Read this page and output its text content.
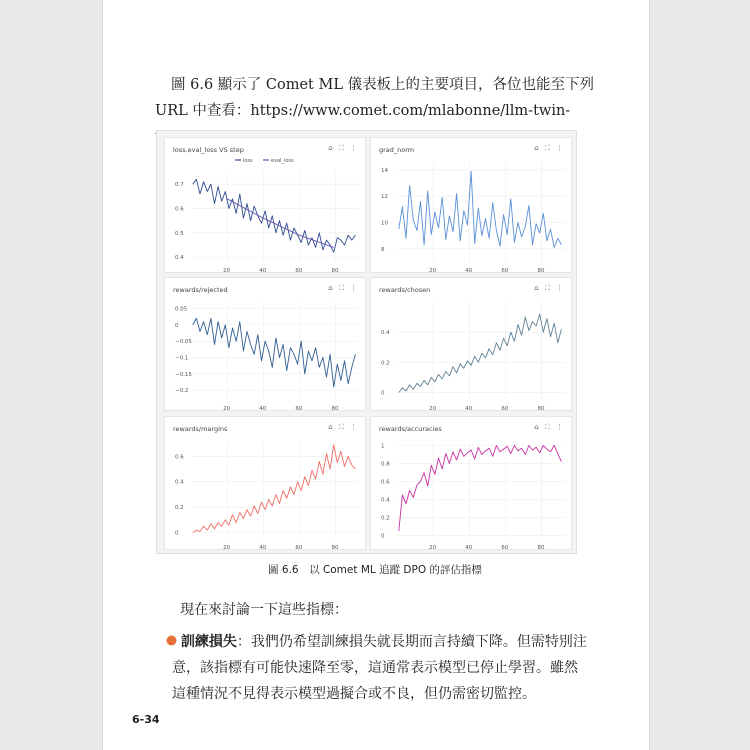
圖 6.6 顯示了 Comet ML 儀表板上的主要項目，各位也能至下列
URL 中查看：https://www.comet.com/mlabonne/llm-twin-
loss,eval_loss VS step	⌂ ⛶ ⋮
0.7
0.6
0.5
0.4
20	40	60	80
loss	eval_loss
grad_norm	⌂ ⛶ ⋮
14
12
10
8
20	40	60	80
rewards/rejected	⌂ ⛶ ⋮
0.05
0
−0.05
−0.1
−0.15
−0.2
20	40	60	80
rewards/chosen	⌂ ⛶ ⋮
0.4
0.2
0
20	40	60	80
rewards/margins	⌂ ⛶ ⋮
0.6
0.4
0.2
0
20	40	60	80
rewards/accuracies	⌂ ⛶ ⋮
1
0.8
0.6
0.4
0.2
0
20	40	60	80
圖 6.6　以 Comet ML 追蹤 DPO 的評估指標
現在來討論一下這些指標：
訓練損失：我們仍希望訓練損失就長期而言持續下降。但需特別注意，該指標有可能快速降至零，這通常表示模型已停止學習。雖然這種情況不見得表示模型過擬合或不良，但仍需密切監控。
6-34
